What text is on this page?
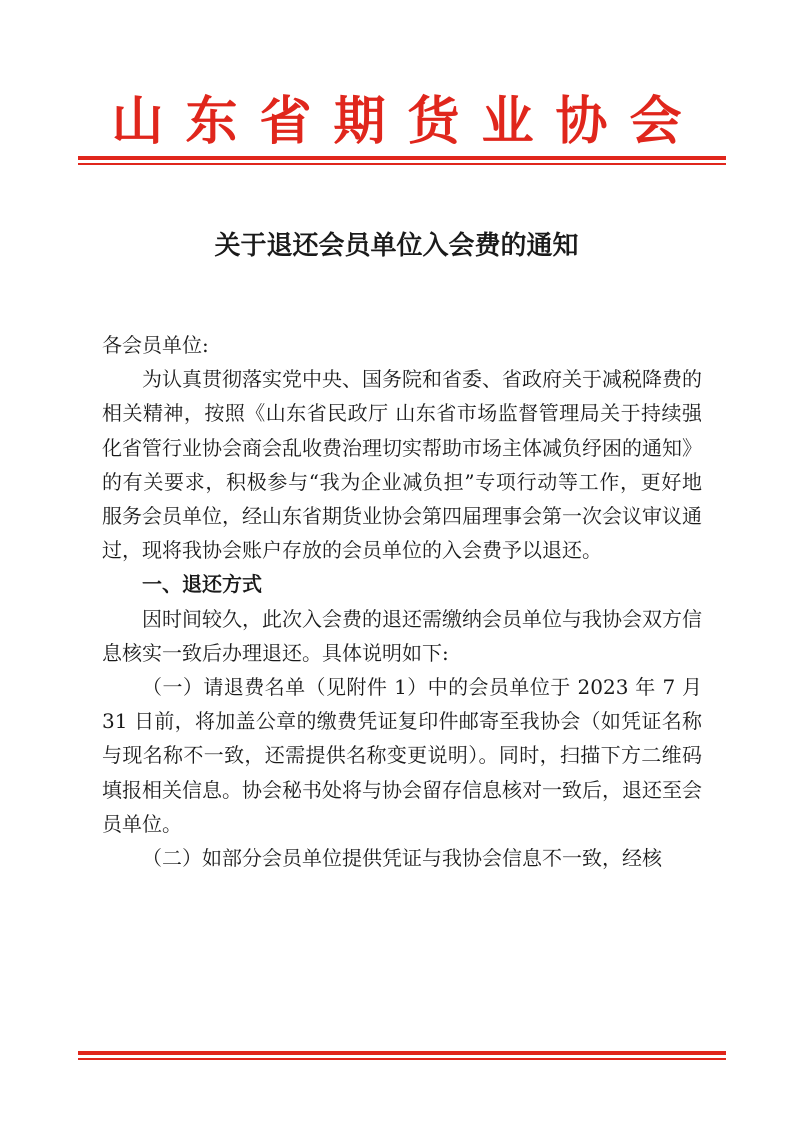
山东省期货业协会
关于退还会员单位入会费的通知

各会员单位:

为认真贯彻落实党中央、国务院和省委、省政府关于减税降费的相关精神，按照《山东省民政厅 山东省市场监督管理局关于持续强化省管行业协会商会乱收费治理切实帮助市场主体减负纾困的通知》的有关要求，积极参与“我为企业减负担”专项行动等工作，更好地服务会员单位，经山东省期货业协会第四届理事会第一次会议审议通过，现将我协会账户存放的会员单位的入会费予以退还。

一、退还方式

因时间较久，此次入会费的退还需缴纳会员单位与我协会双方信息核实一致后办理退还。具体说明如下:

（一）请退费名单（见附件 1）中的会员单位于 2023 年 7 月 31 日前，将加盖公章的缴费凭证复印件邮寄至我协会（如凭证名称与现名称不一致，还需提供名称变更说明）。同时，扫描下方二维码填报相关信息。协会秘书处将与协会留存信息核对一致后，退还至会员单位。

（二）如部分会员单位提供凭证与我协会信息不一致，经核
